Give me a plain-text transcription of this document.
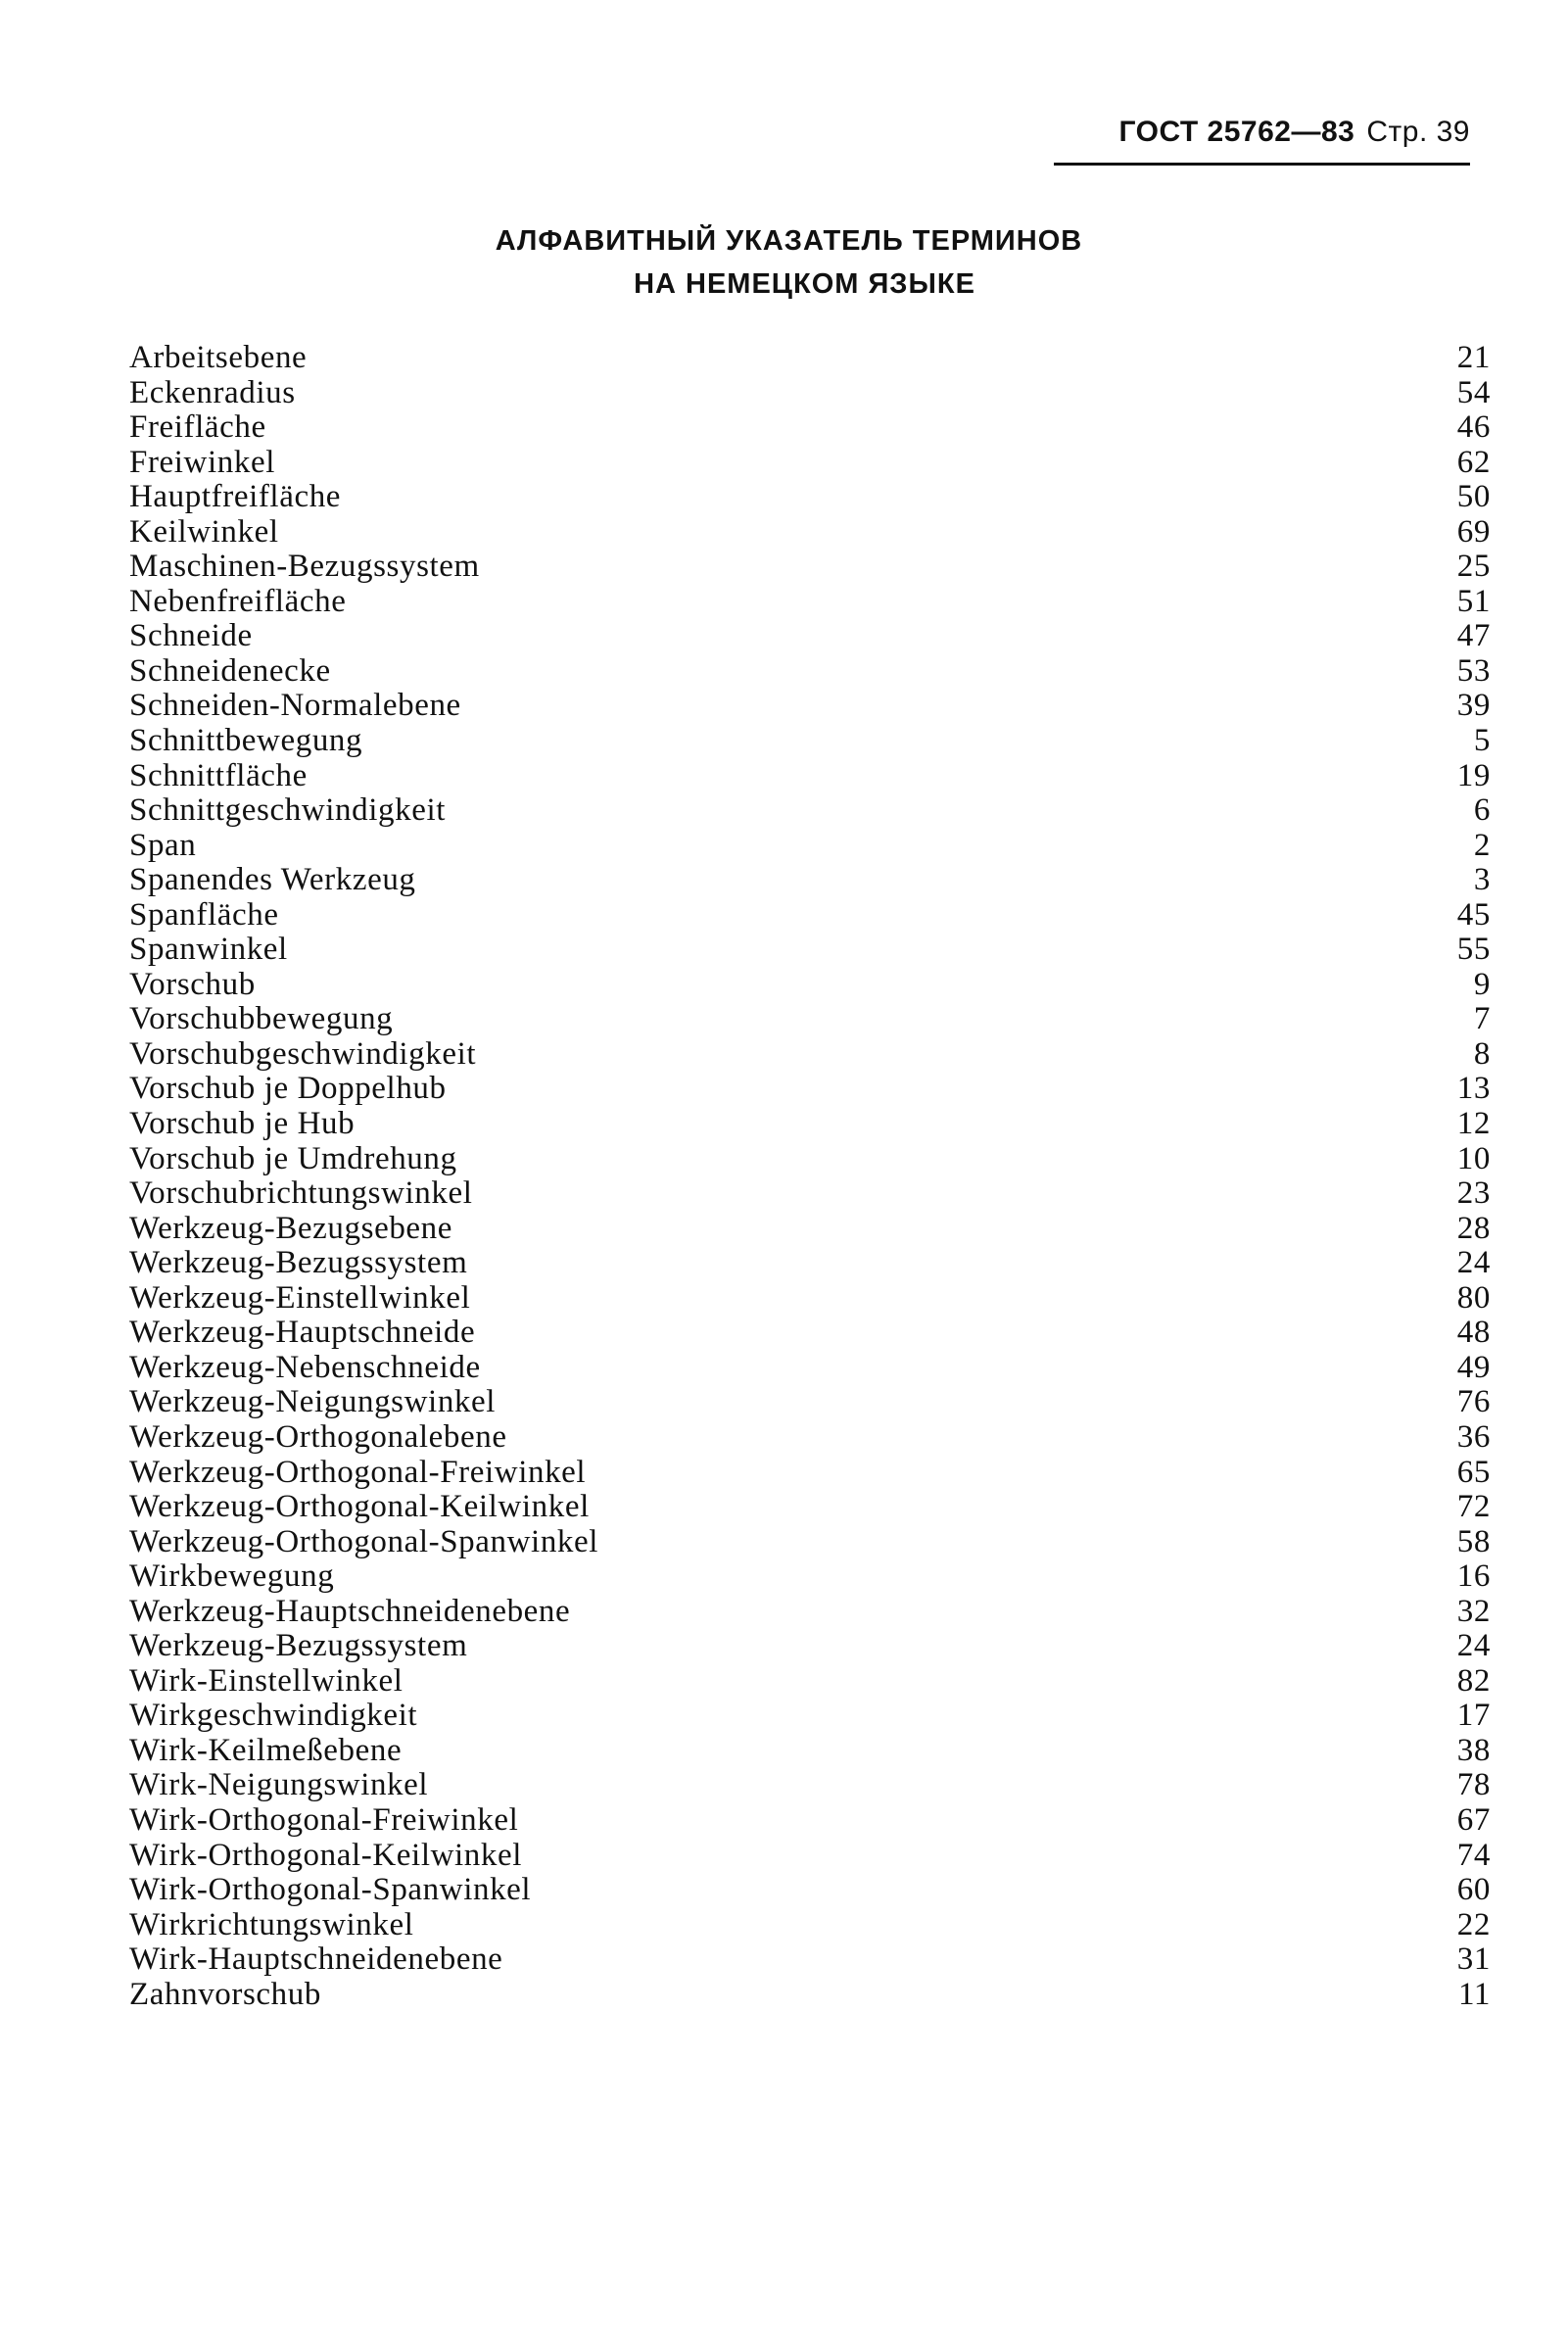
ГОСТ 25762—83 Стр. 39
АЛФАВИТНЫЙ УКАЗАТЕЛЬ ТЕРМИНОВ
НА НЕМЕЦКОМ ЯЗЫКЕ
Arbeitsebene	21
Eckenradius	54
Freifläche	46
Freiwinkel	62
Hauptfreifläche	50
Keilwinkel	69
Maschinen-Bezugssystem	25
Nebenfreifläche	51
Schneide	47
Schneidenecke	53
Schneiden-Normalebene	39
Schnittbewegung	5
Schnittfläche	19
Schnittgeschwindigkeit	6
Span	2
Spanendes Werkzeug	3
Spanfläche	45
Spanwinkel	55
Vorschub	9
Vorschubbewegung	7
Vorschubgeschwindigkeit	8
Vorschub je Doppelhub	13
Vorschub je Hub	12
Vorschub je Umdrehung	10
Vorschubrichtungswinkel	23
Werkzeug-Bezugsebene	28
Werkzeug-Bezugssystem	24
Werkzeug-Einstellwinkel	80
Werkzeug-Hauptschneide	48
Werkzeug-Nebenschneide	49
Werkzeug-Neigungswinkel	76
Werkzeug-Orthogonalebene	36
Werkzeug-Orthogonal-Freiwinkel	65
Werkzeug-Orthogonal-Keilwinkel	72
Werkzeug-Orthogonal-Spanwinkel	58
Wirkbewegung	16
Werkzeug-Hauptschneidenebene	32
Werkzeug-Bezugssystem	24
Wirk-Einstellwinkel	82
Wirkgeschwindigkeit	17
Wirk-Keilmeßebene	38
Wirk-Neigungswinkel	78
Wirk-Orthogonal-Freiwinkel	67
Wirk-Orthogonal-Keilwinkel	74
Wirk-Orthogonal-Spanwinkel	60
Wirkrichtungswinkel	22
Wirk-Hauptschneidenebene	31
Zahnvorschub	11
